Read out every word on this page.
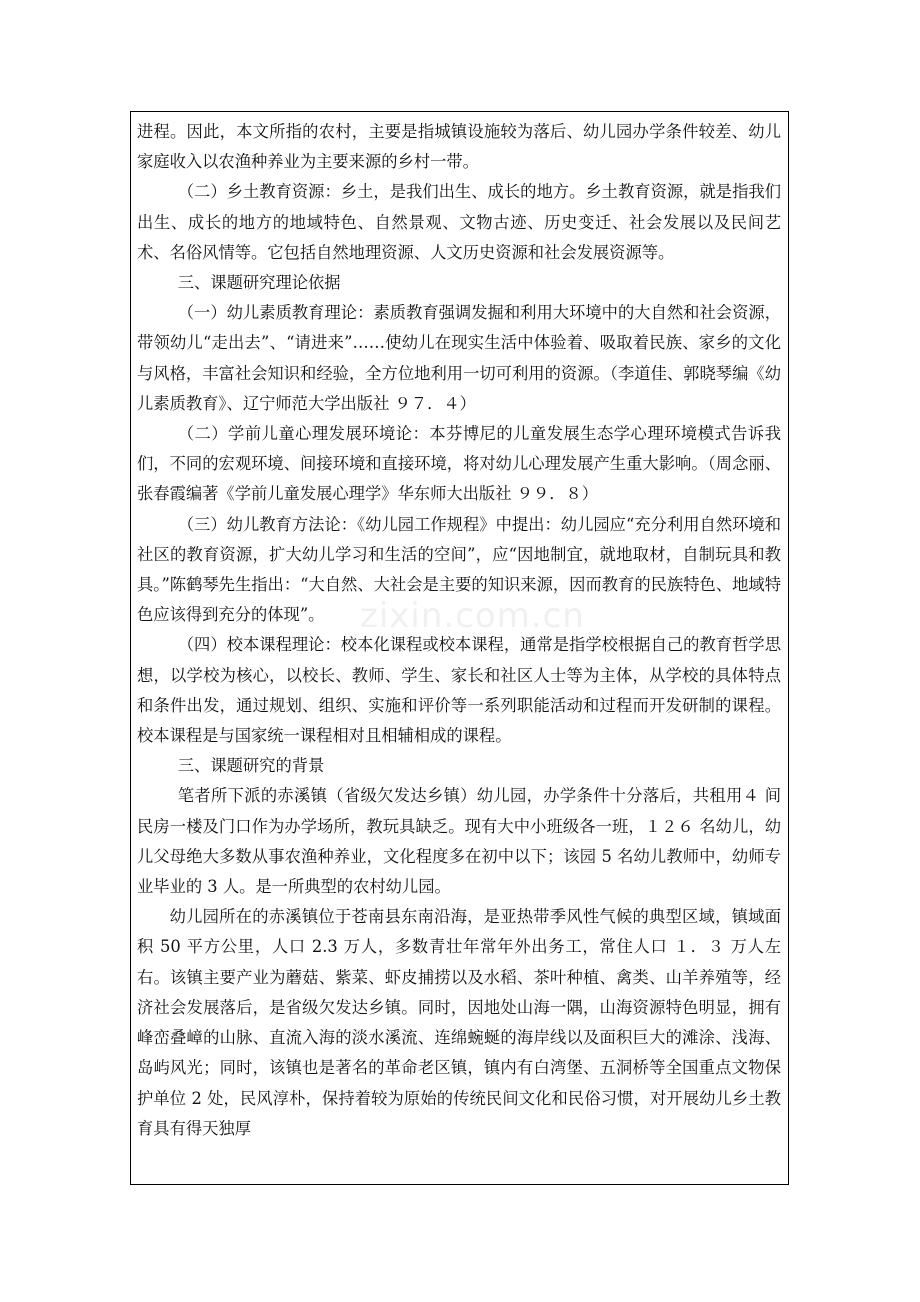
进程。因此，本文所指的农村，主要是指城镇设施较为落后、幼儿园办学条件较差、幼儿家庭收入以农渔种养业为主要来源的乡村一带。

（二）乡土教育资源：乡土，是我们出生、成长的地方。乡土教育资源，就是指我们出生、成长的地方的地域特色、自然景观、文物古迹、历史变迁、社会发展以及民间艺术、名俗风情等。它包括自然地理资源、人文历史资源和社会发展资源等。

三、课题研究理论依据

（一）幼儿素质教育理论：素质教育强调发掘和利用大环境中的大自然和社会资源，带领幼儿“走出去”、“请进来”……使幼儿在现实生活中体验着、吸取着民族、家乡的文化与风格，丰富社会知识和经验，全方位地利用一切可利用的资源。（李道佳、郭晓琴编《幼儿素质教育》、辽宁师范大学出版社 ９７．４）

（二）学前儿童心理发展环境论：本芬博尼的儿童发展生态学心理环境模式告诉我们，不同的宏观环境、间接环境和直接环境，将对幼儿心理发展产生重大影响。（周念丽、张春霞编著《学前儿童发展心理学》华东师大出版社 ９９．８）

（三）幼儿教育方法论：《幼儿园工作规程》中提出：幼儿园应“充分利用自然环境和社区的教育资源，扩大幼儿学习和生活的空间”，应“因地制宜，就地取材，自制玩具和教具。”陈鹤琴先生指出：“大自然、大社会是主要的知识来源，因而教育的民族特色、地域特色应该得到充分的体现”。

（四）校本课程理论：校本化课程或校本课程，通常是指学校根据自己的教育哲学思想，以学校为核心，以校长、教师、学生、家长和社区人士等为主体，从学校的具体特点和条件出发，通过规划、组织、实施和评价等一系列职能活动和过程而开发研制的课程。校本课程是与国家统一课程相对且相辅相成的课程。

三、课题研究的背景

笔者所下派的赤溪镇（省级欠发达乡镇）幼儿园，办学条件十分落后，共租用４ 间民房一楼及门口作为办学场所，教玩具缺乏。现有大中小班级各一班，１２６ 名幼儿，幼儿父母绝大多数从事农渔种养业，文化程度多在初中以下；该园 5 名幼儿教师中，幼师专业毕业的 3 人。是一所典型的农村幼儿园。

幼儿园所在的赤溪镇位于苍南县东南沿海，是亚热带季风性气候的典型区域，镇域面积 50 平方公里，人口 2.3 万人，多数青壮年常年外出务工，常住人口 １．３ 万人左右。该镇主要产业为蘑菇、紫菜、虾皮捕捞以及水稻、茶叶种植、禽类、山羊养殖等，经济社会发展落后，是省级欠发达乡镇。同时，因地处山海一隅，山海资源特色明显，拥有峰峦叠嶂的山脉、直流入海的淡水溪流、连绵蜿蜒的海岸线以及面积巨大的滩涂、浅海、岛屿风光；同时，该镇也是著名的革命老区镇，镇内有白湾堡、五洞桥等全国重点文物保护单位 2 处，民风淳朴，保持着较为原始的传统民间文化和民俗习惯，对开展幼儿乡土教育具有得天独厚

zixin.com.cn
